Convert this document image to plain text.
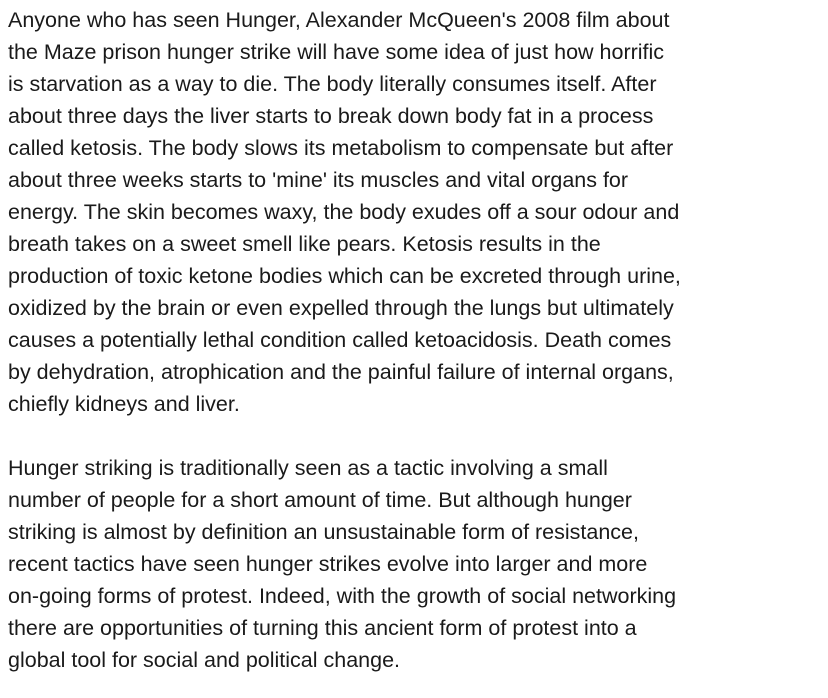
Anyone who has seen Hunger, Alexander McQueen's 2008 film about
the Maze prison hunger strike will have some idea of just how horrific
is starvation as a way to die. The body literally consumes itself. After
about three days the liver starts to break down body fat in a process
called ketosis. The body slows its metabolism to compensate but after
about three weeks starts to 'mine' its muscles and vital organs for
energy. The skin becomes waxy, the body exudes off a sour odour and
breath takes on a sweet smell like pears. Ketosis results in the
production of toxic ketone bodies which can be excreted through urine,
oxidized by the brain or even expelled through the lungs but ultimately
causes a potentially lethal condition called ketoacidosis. Death comes
by dehydration, atrophication and the painful failure of internal organs,
chiefly kidneys and liver.
Hunger striking is traditionally seen as a tactic involving a small
number of people for a short amount of time. But although hunger
striking is almost by definition an unsustainable form of resistance,
recent tactics have seen hunger strikes evolve into larger and more
on-going forms of protest. Indeed, with the growth of social networking
there are opportunities of turning this ancient form of protest into a
global tool for social and political change.
